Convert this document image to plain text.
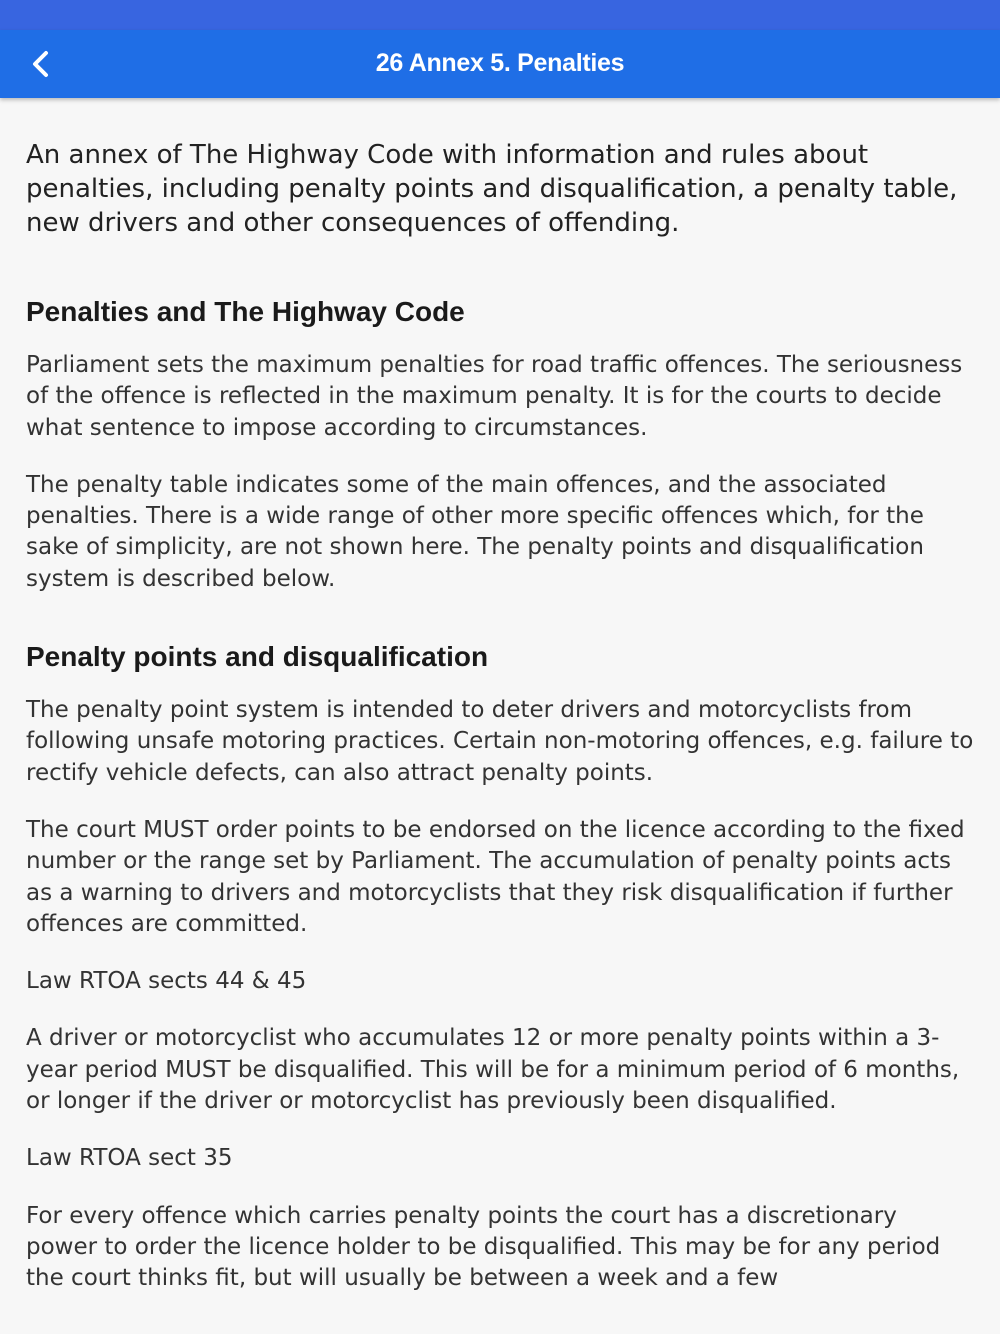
26 Annex 5. Penalties

An annex of The Highway Code with information and rules about penalties, including penalty points and disqualification, a penalty table, new drivers and other consequences of offending.

Penalties and The Highway Code

Parliament sets the maximum penalties for road traffic offences. The seriousness of the offence is reflected in the maximum penalty. It is for the courts to decide what sentence to impose according to circumstances.

The penalty table indicates some of the main offences, and the associated penalties. There is a wide range of other more specific offences which, for the sake of simplicity, are not shown here. The penalty points and disqualification system is described below.

Penalty points and disqualification

The penalty point system is intended to deter drivers and motorcyclists from following unsafe motoring practices. Certain non-motoring offences, e.g. failure to rectify vehicle defects, can also attract penalty points.

The court MUST order points to be endorsed on the licence according to the fixed number or the range set by Parliament. The accumulation of penalty points acts as a warning to drivers and motorcyclists that they risk disqualification if further offences are committed.

Law RTOA sects 44 & 45

A driver or motorcyclist who accumulates 12 or more penalty points within a 3-year period MUST be disqualified. This will be for a minimum period of 6 months, or longer if the driver or motorcyclist has previously been disqualified.

Law RTOA sect 35

For every offence which carries penalty points the court has a discretionary power to order the licence holder to be disqualified. This may be for any period the court thinks fit, but will usually be between a week and a few
